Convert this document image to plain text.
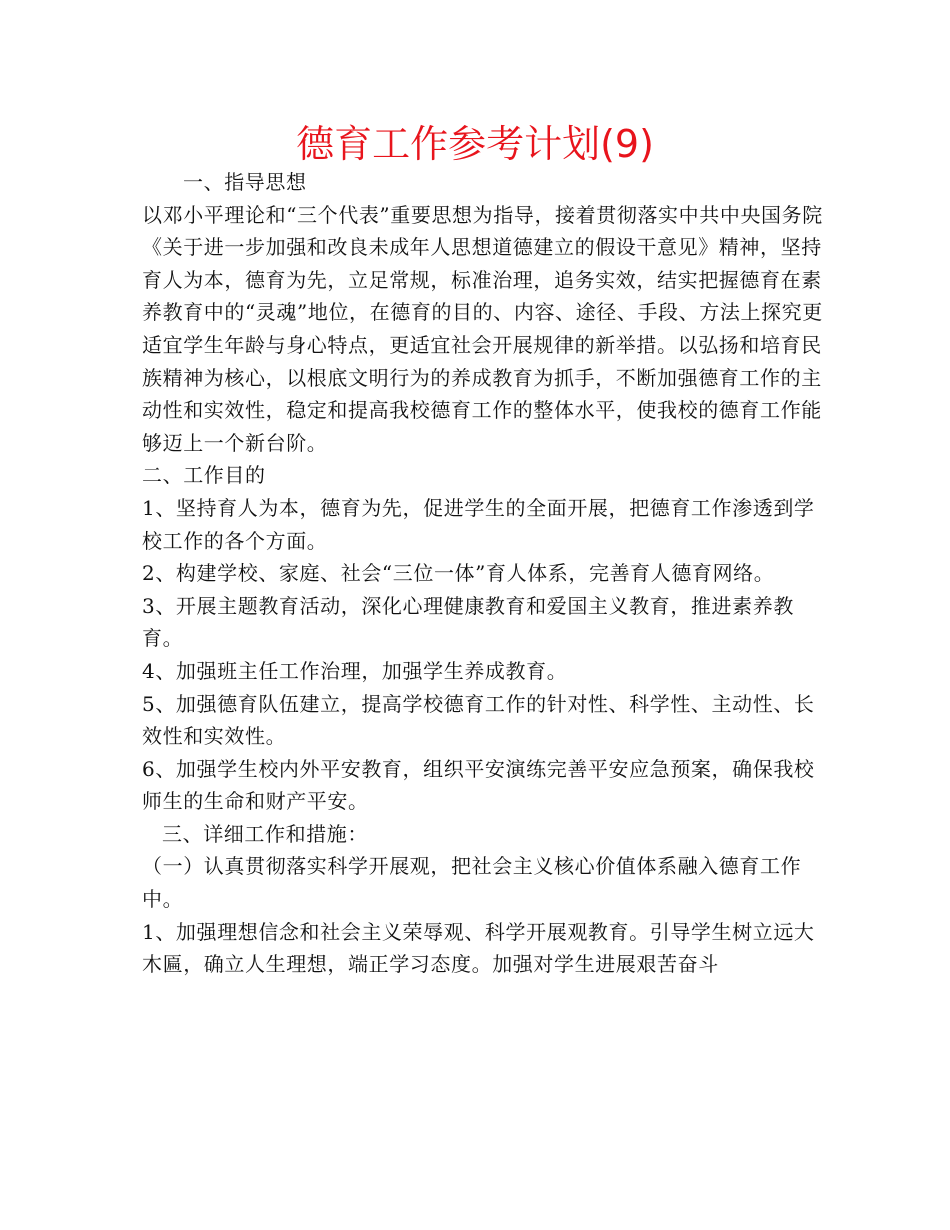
德育工作参考计划(9)

一、指导思想

以邓小平理论和“三个代表”重要思想为指导，接着贯彻落实中共中央国务院《关于进一步加强和改良未成年人思想道德建立的假设干意见》精神，坚持育人为本，德育为先，立足常规，标准治理，追务实效，结实把握德育在素养教育中的“灵魂”地位，在德育的目的、内容、途径、手段、方法上探究更适宜学生年龄与身心特点，更适宜社会开展规律的新举措。以弘扬和培育民族精神为核心，以根底文明行为的养成教育为抓手，不断加强德育工作的主动性和实效性，稳定和提高我校德育工作的整体水平，使我校的德育工作能够迈上一个新台阶。

二、工作目的

1、坚持育人为本，德育为先，促进学生的全面开展，把德育工作渗透到学校工作的各个方面。

2、构建学校、家庭、社会“三位一体”育人体系，完善育人德育网络。

3、开展主题教育活动，深化心理健康教育和爱国主义教育，推进素养教育。

4、加强班主任工作治理，加强学生养成教育。

5、加强德育队伍建立，提高学校德育工作的针对性、科学性、主动性、长效性和实效性。

6、加强学生校内外平安教育，组织平安演练完善平安应急预案，确保我校师生的生命和财产平安。

三、详细工作和措施：

（一）认真贯彻落实科学开展观，把社会主义核心价值体系融入德育工作中。

1、加强理想信念和社会主义荣辱观、科学开展观教育。引导学生树立远大木匾，确立人生理想，端正学习态度。加强对学生进展艰苦奋斗
